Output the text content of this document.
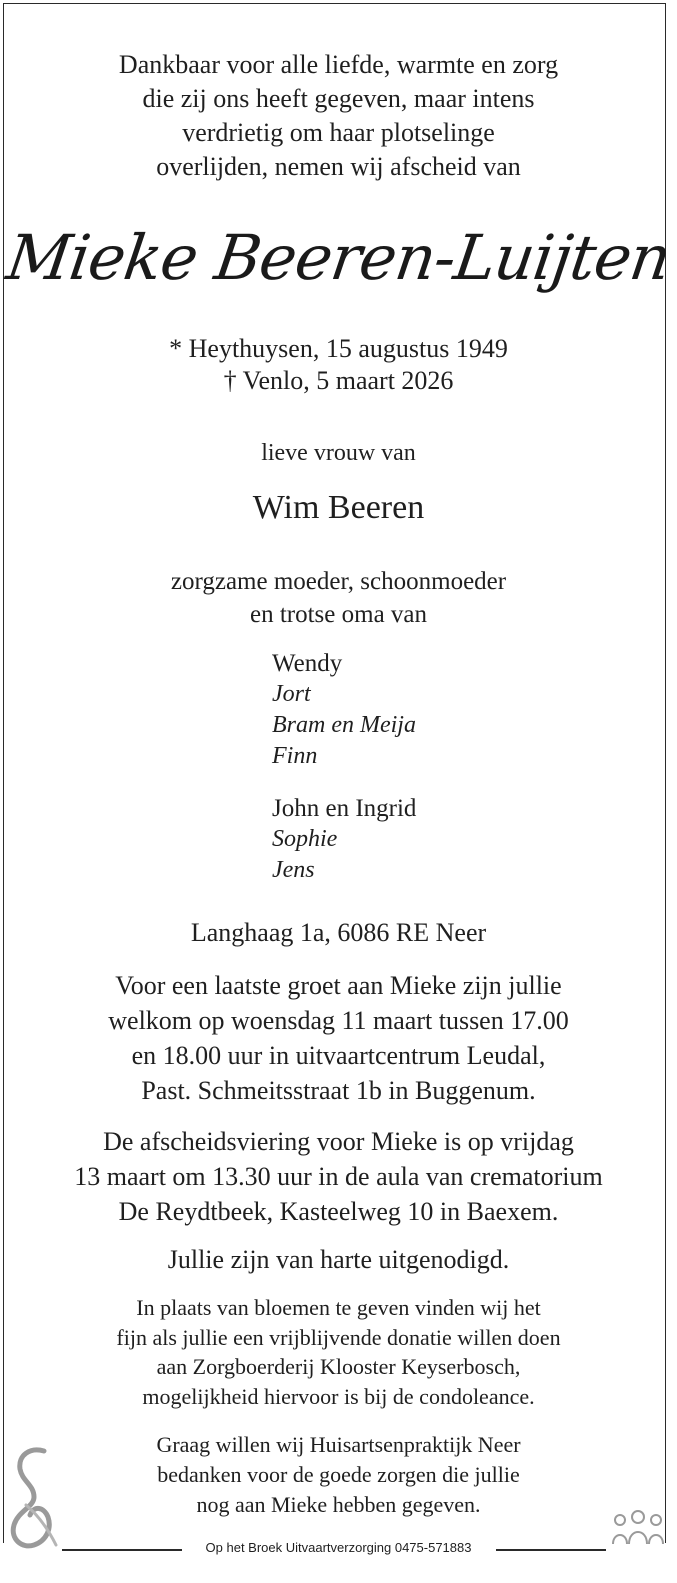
Dankbaar voor alle liefde, warmte en zorg
die zij ons heeft gegeven, maar intens
verdrietig om haar plotselinge
overlijden, nemen wij afscheid van
Mieke Beeren-Luijten
* Heythuysen, 15 augustus 1949
† Venlo, 5 maart 2026
lieve vrouw van
Wim Beeren
zorgzame moeder, schoonmoeder
en trotse oma van
Wendy
Jort
Bram en Meija
Finn
John en Ingrid
Sophie
Jens
Langhaag 1a, 6086 RE Neer
Voor een laatste groet aan Mieke zijn jullie
welkom op woensdag 11 maart tussen 17.00
en 18.00 uur in uitvaartcentrum Leudal,
Past. Schmeitsstraat 1b in Buggenum.
De afscheidsviering voor Mieke is op vrijdag
13 maart om 13.30 uur in de aula van crematorium
De Reydtbeek, Kasteelweg 10 in Baexem.
Jullie zijn van harte uitgenodigd.
In plaats van bloemen te geven vinden wij het
fijn als jullie een vrijblijvende donatie willen doen
aan Zorgboerderij Klooster Keyserbosch,
mogelijkheid hiervoor is bij de condoleance.
Graag willen wij Huisartsenpraktijk Neer
bedanken voor de goede zorgen die jullie
nog aan Mieke hebben gegeven.
Op het Broek Uitvaartverzorging 0475-571883
